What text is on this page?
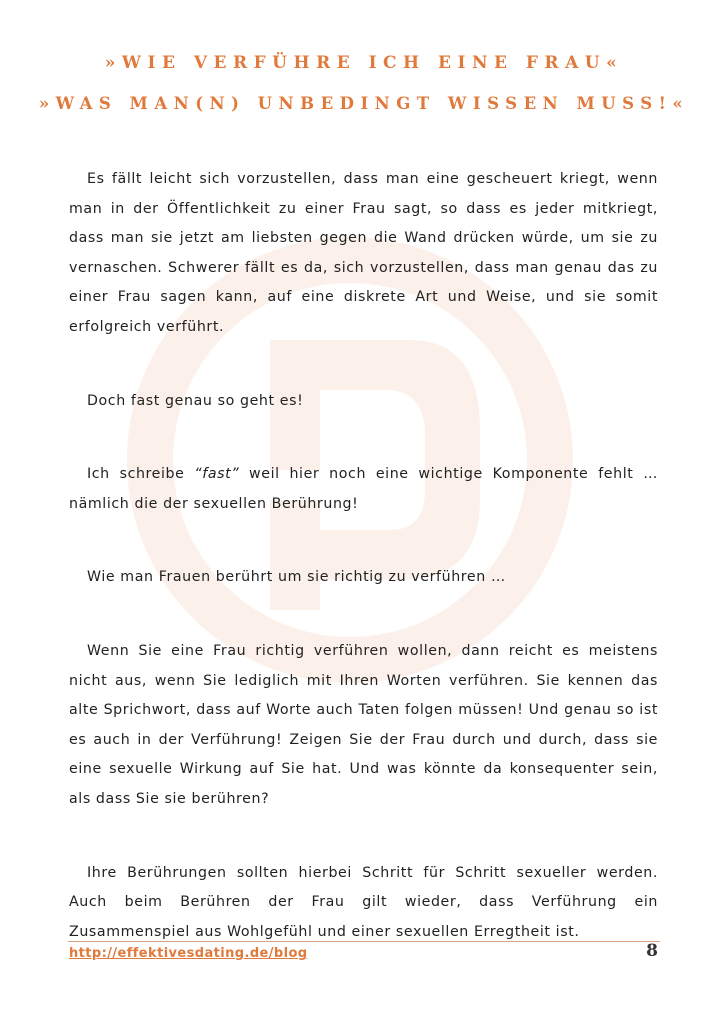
»WIE VERFÜHRE ICH EINE FRAU«
»WAS MAN(N) UNBEDINGT WISSEN MUSS!«

Es fällt leicht sich vorzustellen, dass man eine gescheuert kriegt, wenn man in der Öffentlichkeit zu einer Frau sagt, so dass es jeder mitkriegt, dass man sie jetzt am liebsten gegen die Wand drücken würde, um sie zu vernaschen. Schwerer fällt es da, sich vorzustellen, dass man genau das zu einer Frau sagen kann, auf eine diskrete Art und Weise, und sie somit erfolgreich verführt.

Doch fast genau so geht es!

Ich schreibe “fast” weil hier noch eine wichtige Komponente fehlt … nämlich die der sexuellen Berührung!

Wie man Frauen berührt um sie richtig zu verführen …

Wenn Sie eine Frau richtig verführen wollen, dann reicht es meistens nicht aus, wenn Sie lediglich mit Ihren Worten verführen. Sie kennen das alte Sprichwort, dass auf Worte auch Taten folgen müssen! Und genau so ist es auch in der Verführung! Zeigen Sie der Frau durch und durch, dass sie eine sexuelle Wirkung auf Sie hat. Und was könnte da konsequenter sein, als dass Sie sie berühren?

Ihre Berührungen sollten hierbei Schritt für Schritt sexueller werden. Auch beim Berühren der Frau gilt wieder, dass Verführung ein Zusammenspiel aus Wohlgefühl und einer sexuellen Erregtheit ist.

http://effektivesdating.de/blog	8
